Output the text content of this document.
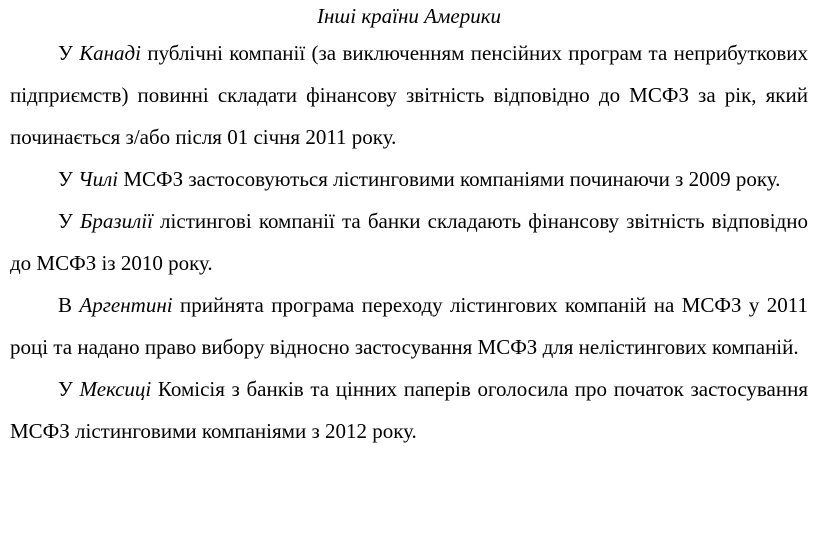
Інші країни Америки

У Канаді публічні компанії (за виключенням пенсійних програм та неприбуткових підприємств) повинні складати фінансову звітність відповідно до МСФЗ за рік, який починається з/або після 01 січня 2011 року.

У Чилі МСФЗ застосовуються лістинговими компаніями починаючи з 2009 року.

У Бразилії лістингові компанії та банки складають фінансову звітність відповідно до МСФЗ із 2010 року.

В Аргентині прийнята програма переходу лістингових компаній на МСФЗ у 2011 році та надано право вибору відносно застосування МСФЗ для нелістингових компаній.

У Мексиці Комісія з банків та цінних паперів оголосила про початок застосування МСФЗ лістинговими компаніями з 2012 року.
